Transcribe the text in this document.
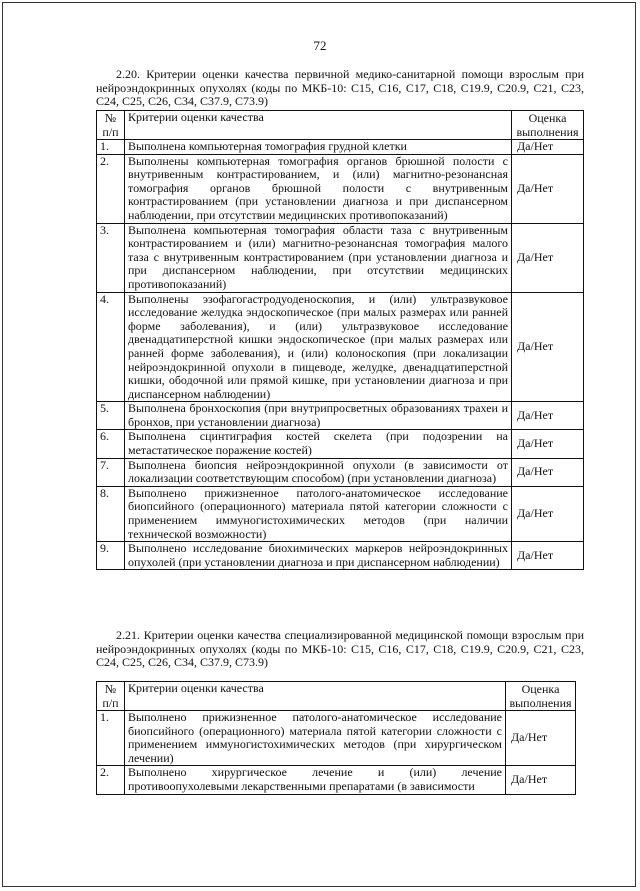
72
2.20. Критерии оценки качества первичной медико-санитарной помощи взрослым при нейроэндокринных опухолях (коды по МКБ-10: С15, С16, С17, С18, С19.9, С20.9, С21, С23, С24, С25, С26, С34, С37.9, С73.9)
№ п/п	Критерии оценки качества	Оценка выполнения
1.	Выполнена компьютерная томография грудной клетки	Да/Нет
2.	Выполнены компьютерная томография органов брюшной полости с внутривенным контрастированием, и (или) магнитно-резонансная томография органов брюшной полости с внутривенным контрастированием (при установлении диагноза и при диспансерном наблюдении, при отсутствии медицинских противопоказаний)	Да/Нет
3.	Выполнена компьютерная томография области таза с внутривенным контрастированием и (или) магнитно-резонансная томография малого таза с внутривенным контрастированием (при установлении диагноза и при диспансерном наблюдении, при отсутствии медицинских противопоказаний)	Да/Нет
4.	Выполнены эзофагогастродуоденоскопия, и (или) ультразвуковое исследование желудка эндоскопическое (при малых размерах или ранней форме заболевания), и (или) ультразвуковое исследование двенадцатиперстной кишки эндоскопическое (при малых размерах или ранней форме заболевания), и (или) колоноскопия (при локализации нейроэндокринной опухоли в пищеводе, желудке, двенадцатиперстной кишки, ободочной или прямой кишке, при установлении диагноза и при диспансерном наблюдении)	Да/Нет
5.	Выполнена бронхоскопия (при внутрипросветных образованиях трахеи и бронхов, при установлении диагноза)	Да/Нет
6.	Выполнена сцинтиграфия костей скелета (при подозрении на метастатическое поражение костей)	Да/Нет
7.	Выполнена биопсия нейроэндокринной опухоли (в зависимости от локализации соответствующим способом) (при установлении диагноза)	Да/Нет
8.	Выполнено прижизненное патолого-анатомическое исследование биопсийного (операционного) материала пятой категории сложности с применением иммуногистохимических методов (при наличии технической возможности)	Да/Нет
9.	Выполнено исследование биохимических маркеров нейроэндокринных опухолей (при установлении диагноза и при диспансерном наблюдении)	Да/Нет
2.21. Критерии оценки качества специализированной медицинской помощи взрослым при нейроэндокринных опухолях (коды по МКБ-10: С15, С16, С17, С18, С19.9, С20.9, С21, С23, С24, С25, С26, С34, С37.9, С73.9)
№ п/п	Критерии оценки качества	Оценка выполнения
1.	Выполнено прижизненное патолого-анатомическое исследование биопсийного (операционного) материала пятой категории сложности с применением иммуногистохимических методов (при хирургическом лечении)	Да/Нет
2.	Выполнено хирургическое лечение и (или) лечение противоопухолевыми лекарственными препаратами (в зависимости	Да/Нет
